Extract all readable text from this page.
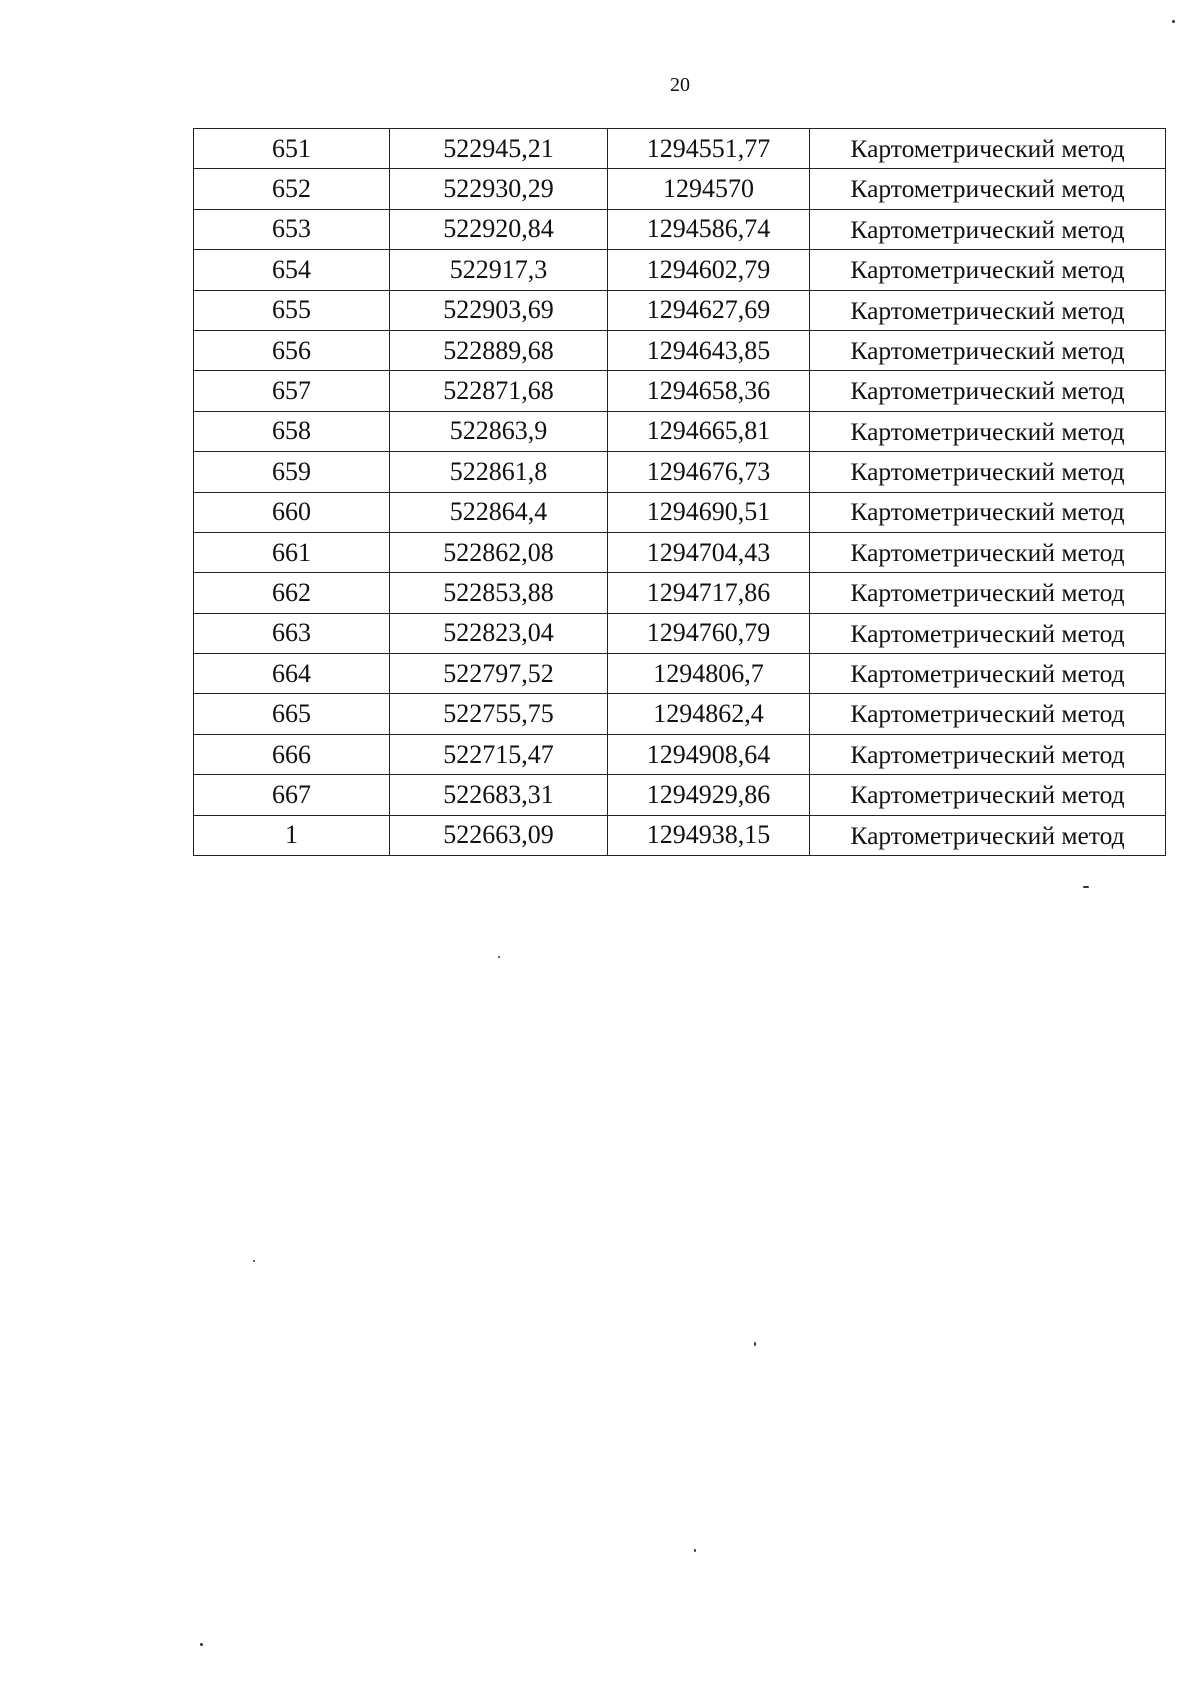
20
651	522945,21	1294551,77	Картометрический метод
652	522930,29	1294570	Картометрический метод
653	522920,84	1294586,74	Картометрический метод
654	522917,3	1294602,79	Картометрический метод
655	522903,69	1294627,69	Картометрический метод
656	522889,68	1294643,85	Картометрический метод
657	522871,68	1294658,36	Картометрический метод
658	522863,9	1294665,81	Картометрический метод
659	522861,8	1294676,73	Картометрический метод
660	522864,4	1294690,51	Картометрический метод
661	522862,08	1294704,43	Картометрический метод
662	522853,88	1294717,86	Картометрический метод
663	522823,04	1294760,79	Картометрический метод
664	522797,52	1294806,7	Картометрический метод
665	522755,75	1294862,4	Картометрический метод
666	522715,47	1294908,64	Картометрический метод
667	522683,31	1294929,86	Картометрический метод
1	522663,09	1294938,15	Картометрический метод
